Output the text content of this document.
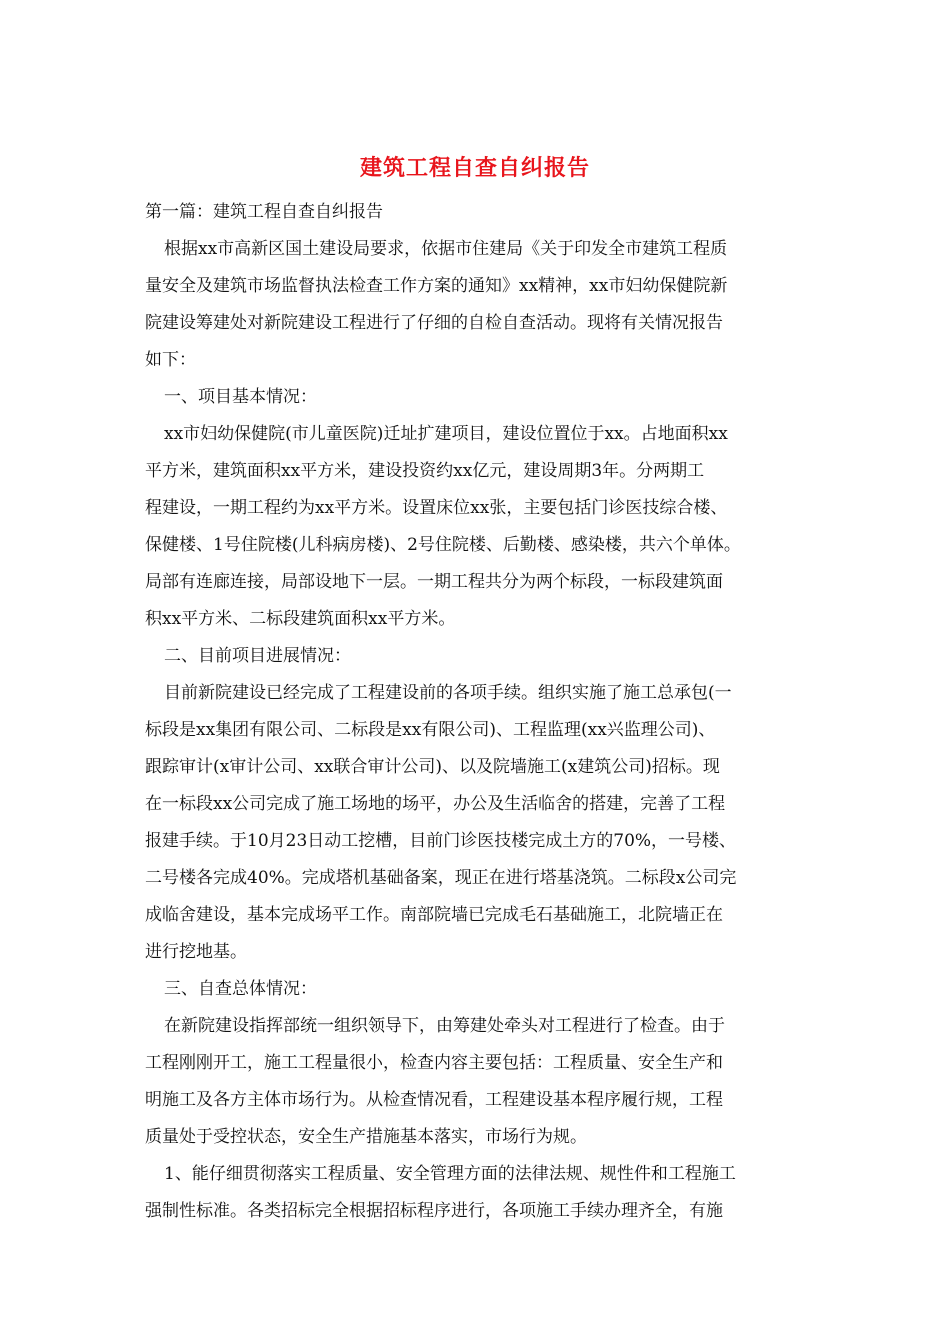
建筑工程自查自纠报告

第一篇：建筑工程自查自纠报告

根据xx市高新区国土建设局要求，依据市住建局《关于印发全市建筑工程质

量安全及建筑市场监督执法检查工作方案的通知》xx精神，xx市妇幼保健院新

院建设筹建处对新院建设工程进行了仔细的自检自查活动。现将有关情况报告

如下：

一、项目基本情况：

xx市妇幼保健院(市儿童医院)迁址扩建项目，建设位置位于xx。占地面积xx

平方米，建筑面积xx平方米，建设投资约xx亿元，建设周期3年。分两期工

程建设，一期工程约为xx平方米。设置床位xx张，主要包括门诊医技综合楼、

保健楼、1号住院楼(儿科病房楼)、2号住院楼、后勤楼、感染楼，共六个单体。

局部有连廊连接，局部设地下一层。一期工程共分为两个标段，一标段建筑面

积xx平方米、二标段建筑面积xx平方米。

二、目前项目进展情况：

目前新院建设已经完成了工程建设前的各项手续。组织实施了施工总承包(一

标段是xx集团有限公司、二标段是xx有限公司)、工程监理(xx兴监理公司)、

跟踪审计(x审计公司、xx联合审计公司)、以及院墙施工(x建筑公司)招标。现

在一标段xx公司完成了施工场地的场平，办公及生活临舍的搭建，完善了工程

报建手续。于10月23日动工挖槽，目前门诊医技楼完成土方的70%，一号楼、

二号楼各完成40%。完成塔机基础备案，现正在进行塔基浇筑。二标段x公司完

成临舍建设，基本完成场平工作。南部院墙已完成毛石基础施工，北院墙正在

进行挖地基。

三、自查总体情况：

在新院建设指挥部统一组织领导下，由筹建处牵头对工程进行了检查。由于

工程刚刚开工，施工工程量很小，检查内容主要包括：工程质量、安全生产和

明施工及各方主体市场行为。从检查情况看，工程建设基本程序履行规，工程

质量处于受控状态，安全生产措施基本落实，市场行为规。

1、能仔细贯彻落实工程质量、安全管理方面的法律法规、规性件和工程施工

强制性标准。各类招标完全根据招标程序进行，各项施工手续办理齐全，有施
